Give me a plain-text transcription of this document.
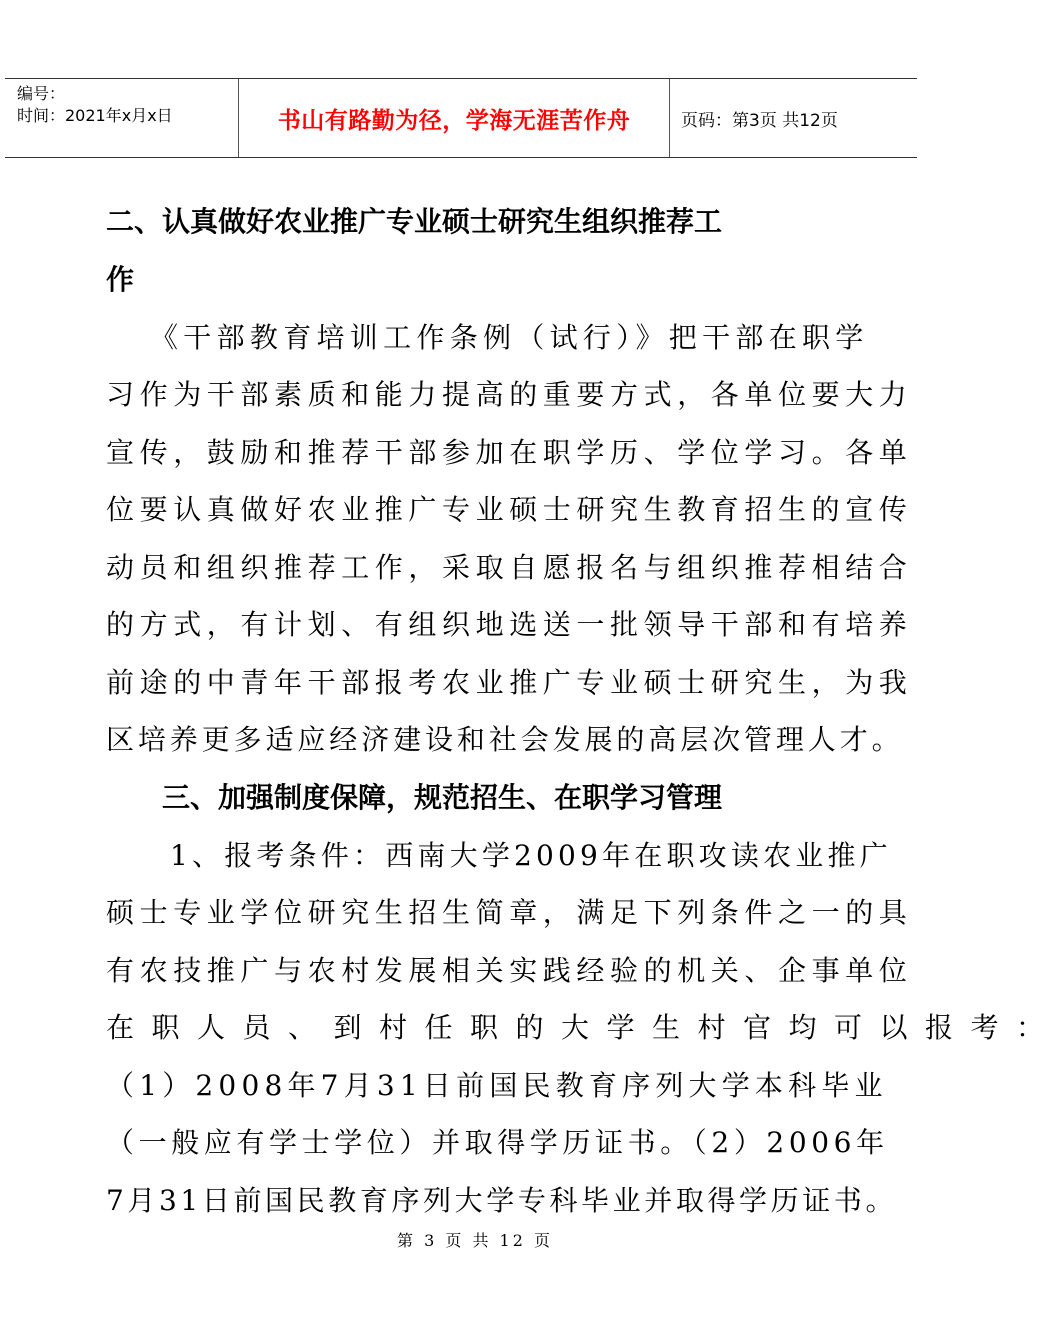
编号：
时间：2021年x月x日	书山有路勤为径，学海无涯苦作舟	页码：第3页 共12页
二、认真做好农业推广专业硕士研究生组织推荐工
作
《干部教育培训工作条例（试行）》把干部在职学
习作为干部素质和能力提高的重要方式，各单位要大力
宣传，鼓励和推荐干部参加在职学历、学位学习。各单
位要认真做好农业推广专业硕士研究生教育招生的宣传
动员和组织推荐工作，采取自愿报名与组织推荐相结合
的方式，有计划、有组织地选送一批领导干部和有培养
前途的中青年干部报考农业推广专业硕士研究生，为我
区培养更多适应经济建设和社会发展的高层次管理人才。
三、加强制度保障，规范招生、在职学习管理
1、报考条件：西南大学2009年在职攻读农业推广
硕士专业学位研究生招生简章，满足下列条件之一的具
有农技推广与农村发展相关实践经验的机关、企事单位
在职人员、到村任职的大学生村官均可以报考：
（1）2008年7月31日前国民教育序列大学本科毕业
（一般应有学士学位）并取得学历证书。（2）2006年
7月31日前国民教育序列大学专科毕业并取得学历证书。
第 3 页 共 12 页
